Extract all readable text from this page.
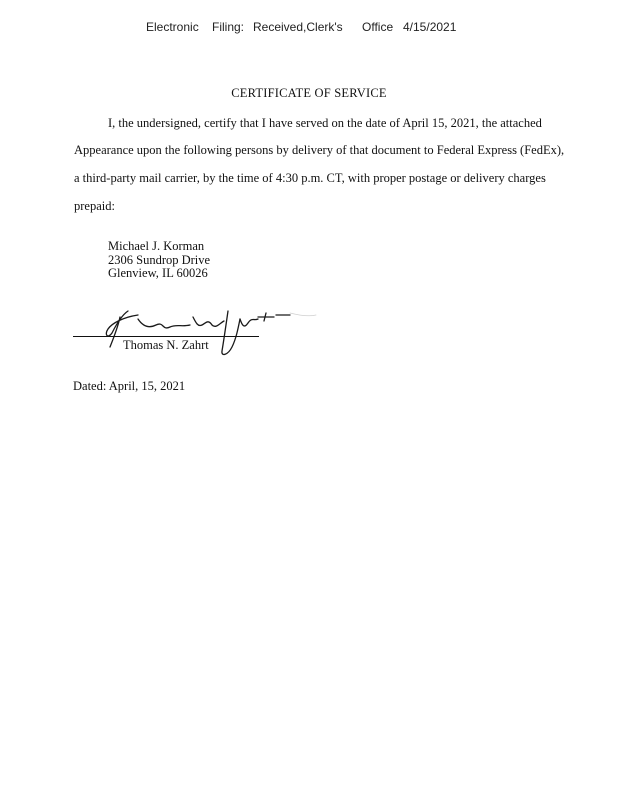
Electronic Filing: Received,Clerk's Office 4/15/2021
CERTIFICATE OF SERVICE
I, the undersigned, certify that I have served on the date of April 15, 2021, the attached
Appearance upon the following persons by delivery of that document to Federal Express (FedEx),
a third-party mail carrier, by the time of 4:30 p.m. CT, with proper postage or delivery charges
prepaid:
Michael J. Korman
2306 Sundrop Drive
Glenview, IL 60026
Thomas N. Zahrt
Dated: April, 15, 2021
